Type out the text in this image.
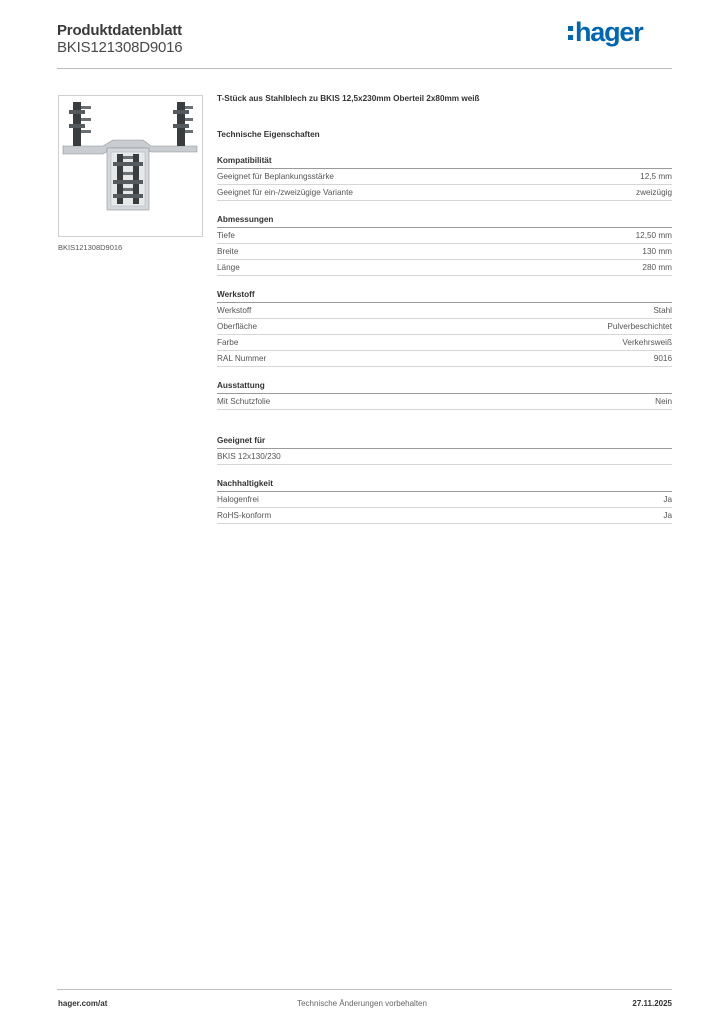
Produktdatenblatt
BKIS121308D9016
hager
BKIS121308D9016
T-Stück aus Stahlblech zu BKIS 12,5x230mm Oberteil 2x80mm weiß
Technische Eigenschaften
Kompatibilität
Geeignet für Beplankungsstärke	12,5 mm
Geeignet für ein-/zweizügige Variante	zweizügig
Abmessungen
Tiefe	12,50 mm
Breite	130 mm
Länge	280 mm
Werkstoff
Werkstoff	Stahl
Oberfläche	Pulverbeschichtet
Farbe	Verkehrsweiß
RAL Nummer	9016
Ausstattung
Mit Schutzfolie	Nein
Geeignet für
BKIS 12x130/230
Nachhaltigkeit
Halogenfrei	Ja
RoHS-konform	Ja
hager.com/at	Technische Änderungen vorbehalten	27.11.2025
